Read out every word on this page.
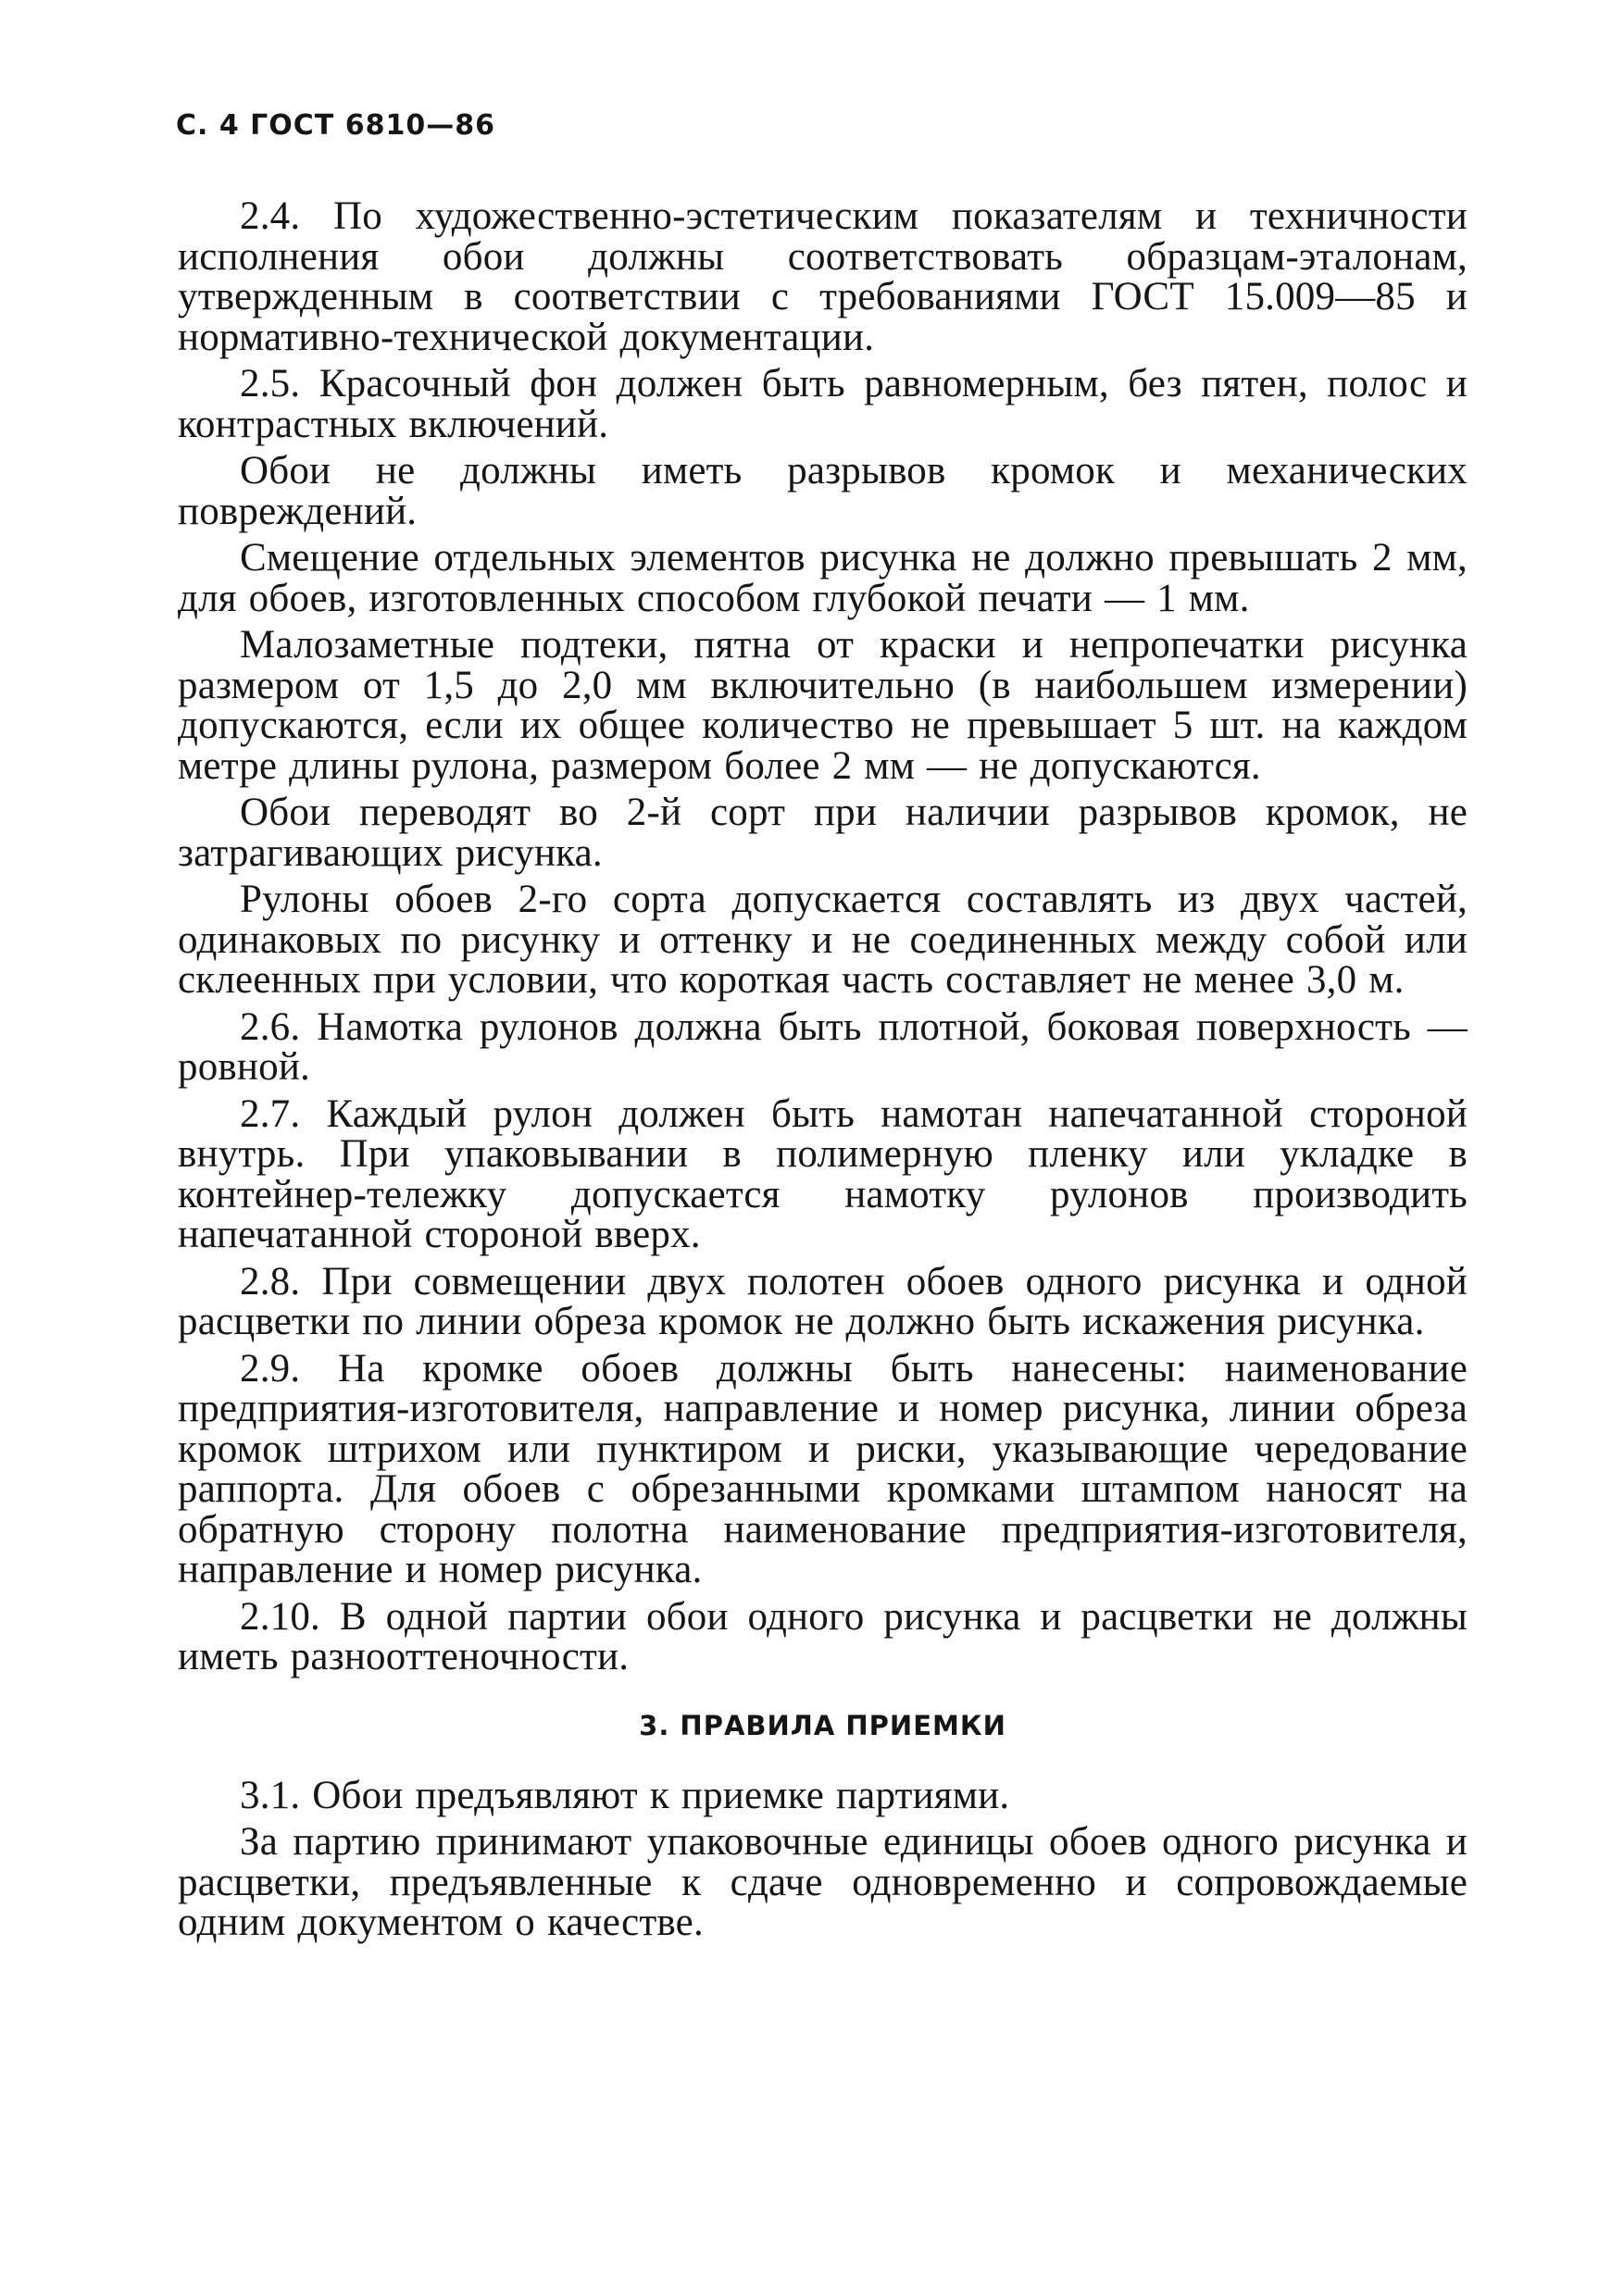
С. 4 ГОСТ 6810—86

2.4. По художественно-эстетическим показателям и техничности исполнения обои должны соответствовать образцам-эталонам, утвержденным в соответствии с требованиями ГОСТ 15.009—85 и нормативно-технической документации.

2.5. Красочный фон должен быть равномерным, без пятен, полос и контрастных включений.

Обои не должны иметь разрывов кромок и механических повреждений.

Смещение отдельных элементов рисунка не должно превышать 2 мм, для обоев, изготовленных способом глубокой печати — 1 мм.

Малозаметные подтеки, пятна от краски и непропечатки рисунка размером от 1,5 до 2,0 мм включительно (в наибольшем измерении) допускаются, если их общее количество не превышает 5 шт. на каждом метре длины рулона, размером более 2 мм — не допускаются.

Обои переводят во 2-й сорт при наличии разрывов кромок, не затрагивающих рисунка.

Рулоны обоев 2-го сорта допускается составлять из двух частей, одинаковых по рисунку и оттенку и не соединенных между собой или склеенных при условии, что короткая часть составляет не менее 3,0 м.

2.6. Намотка рулонов должна быть плотной, боковая поверхность — ровной.

2.7. Каждый рулон должен быть намотан напечатанной стороной внутрь. При упаковывании в полимерную пленку или укладке в контейнер-тележку допускается намотку рулонов производить напечатанной стороной вверх.

2.8. При совмещении двух полотен обоев одного рисунка и одной расцветки по линии обреза кромок не должно быть искажения рисунка.

2.9. На кромке обоев должны быть нанесены: наименование предприятия-изготовителя, направление и номер рисунка, линии обреза кромок штрихом или пунктиром и риски, указывающие чередование раппорта. Для обоев с обрезанными кромками штампом наносят на обратную сторону полотна наименование предприятия-изготовителя, направление и номер рисунка.

2.10. В одной партии обои одного рисунка и расцветки не должны иметь разнооттеночности.

3. ПРАВИЛА ПРИЕМКИ

3.1. Обои предъявляют к приемке партиями.

За партию принимают упаковочные единицы обоев одного рисунка и расцветки, предъявленные к сдаче одновременно и сопровождаемые одним документом о качестве.
